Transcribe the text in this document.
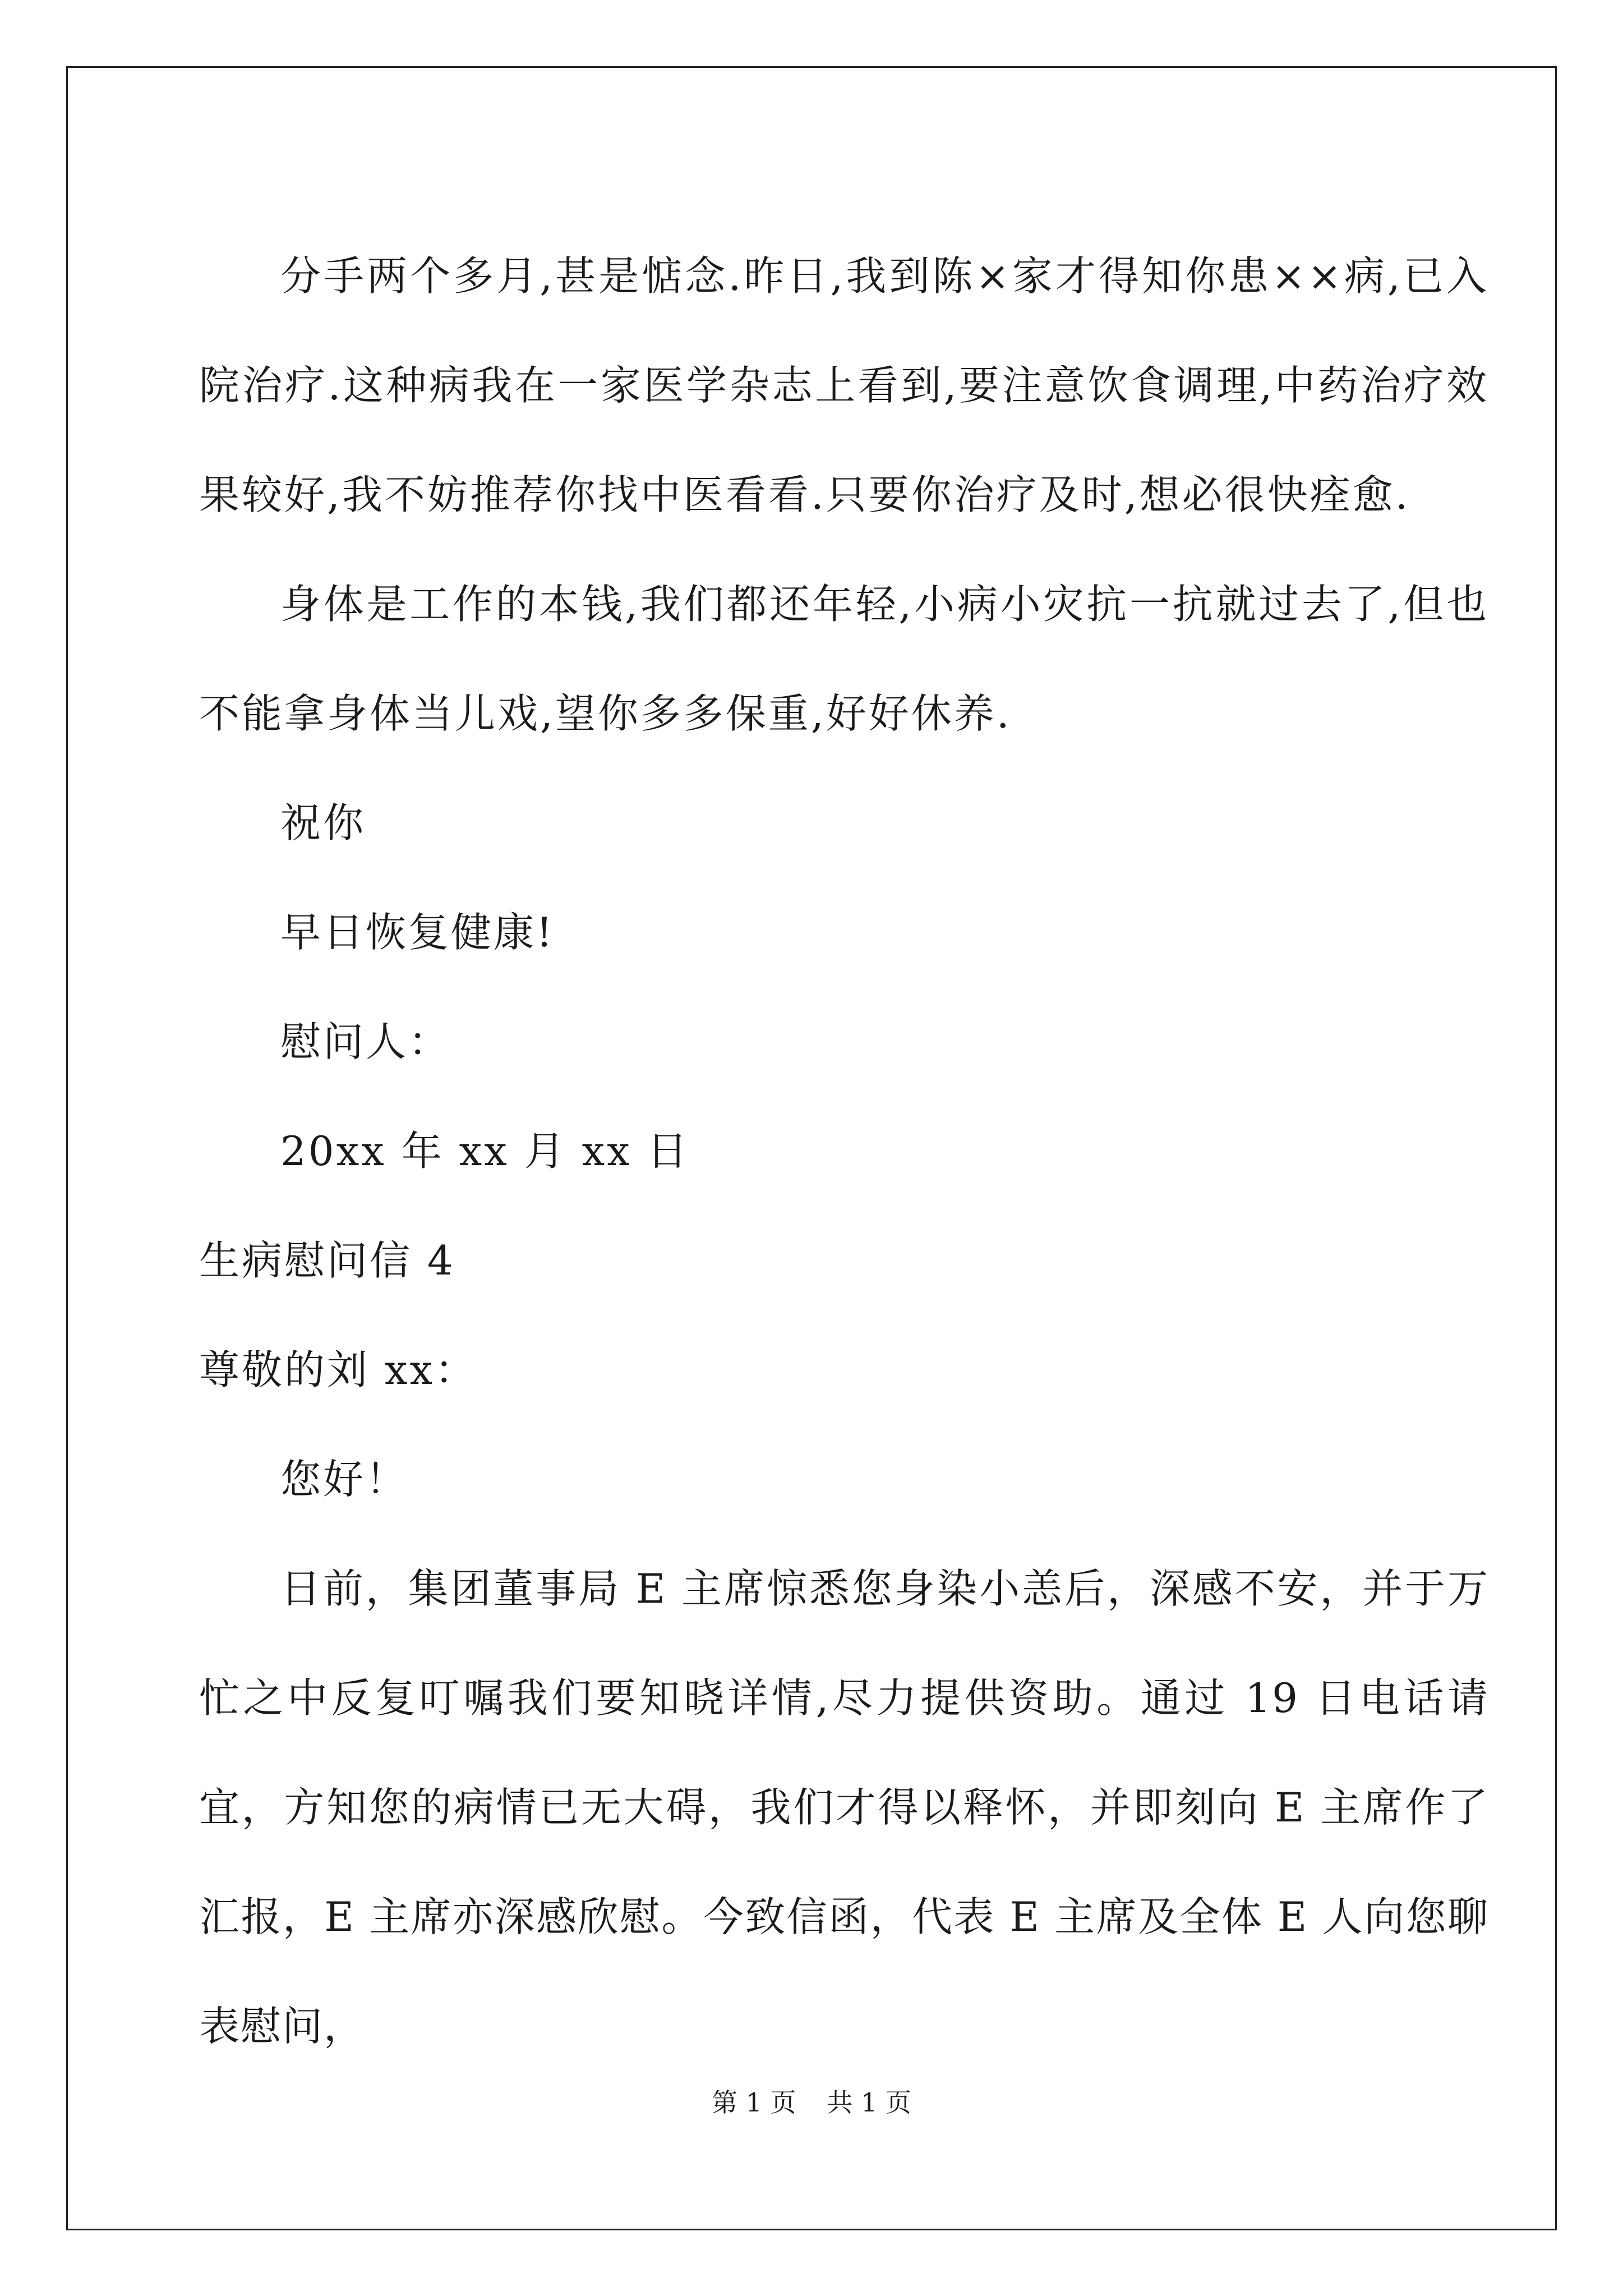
分手两个多月,甚是惦念.昨日,我到陈×家才得知你患××病,已入院治疗.这种病我在一家医学杂志上看到,要注意饮食调理,中药治疗效果较好,我不妨推荐你找中医看看.只要你治疗及时,想必很快痊愈.

身体是工作的本钱,我们都还年轻,小病小灾抗一抗就过去了,但也不能拿身体当儿戏,望你多多保重,好好休养.

祝你

早日恢复健康!

慰问人：

20xx 年 xx 月 xx 日

生病慰问信 4

尊敬的刘 xx：

您好！

日前，集团董事局 E 主席惊悉您身染小恙后，深感不安，并于万忙之中反复叮嘱我们要知晓详情,尽力提供资助。通过 19 日电话请宜，方知您的病情已无大碍，我们才得以释怀，并即刻向 E 主席作了汇报，E 主席亦深感欣慰。今致信函，代表 E 主席及全体 E 人向您聊表慰问，

第 1 页 共 1 页
